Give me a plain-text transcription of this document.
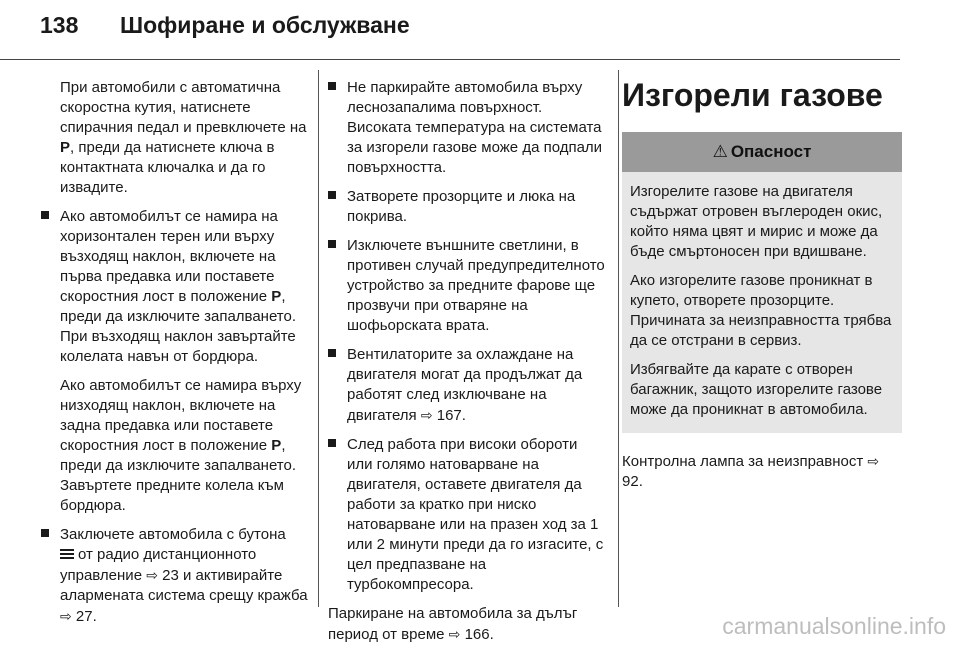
138	Шофиране и обслужване

При автомобили с автоматична скоростна кутия, натиснете спирачния педал и превключете на P, преди да натиснете ключа в контактната ключалка и да го извадите.

Ако автомобилът се намира на хоризонтален терен или върху възходящ наклон, включете на първа предавка или поставете скоростния лост в положение P, преди да изключите запалването. При възходящ наклон завъртайте колелата навън от бордюра.

Ако автомобилът се намира върху низходящ наклон, включете на задна предавка или поставете скоростния лост в положение P, преди да изключите запалването. Завъртете предните колела към бордюра.

Заключете автомобила с бутона
от радио дистанционното управление ⇨ 23 и активирайте алармената система срещу кражба ⇨ 27.
Не паркирайте автомобила върху леснозапалима повърхност. Високата температура на системата за изгорели газове може да подпали повърхността.
Затворете прозорците и люка на покрива.
Изключете външните светлини, в противен случай предупредителното устройство за предните фарове ще прозвучи при отваряне на шофьорската врата.
Вентилаторите за охлаждане на двигателя могат да продължат да работят след изключване на двигателя ⇨ 167.
След работа при високи обороти или голямо натоварване на двигателя, оставете двигателя да работи за кратко при ниско натоварване или на празен ход за 1 или 2 минути преди да го изгасите, с цел предпазване на турбокомпресора.

Паркиране на автомобила за дълъг период от време ⇨ 166.

Изгорели газове
⚠ Опасност

Изгорелите газове на двигателя съдържат отровен въглероден окис, който няма цвят и мирис и може да бъде смъртоносен при вдишване.

Ако изгорелите газове проникнат в купето, отворете прозорците. Причината за неизправността трябва да се отстрани в сервиз.

Избягвайте да карате с отворен багажник, защото изгорелите газове може да проникнат в автомобила.

Контролна лампа за неизправност ⇨ 92.

carmanualsonline.info
